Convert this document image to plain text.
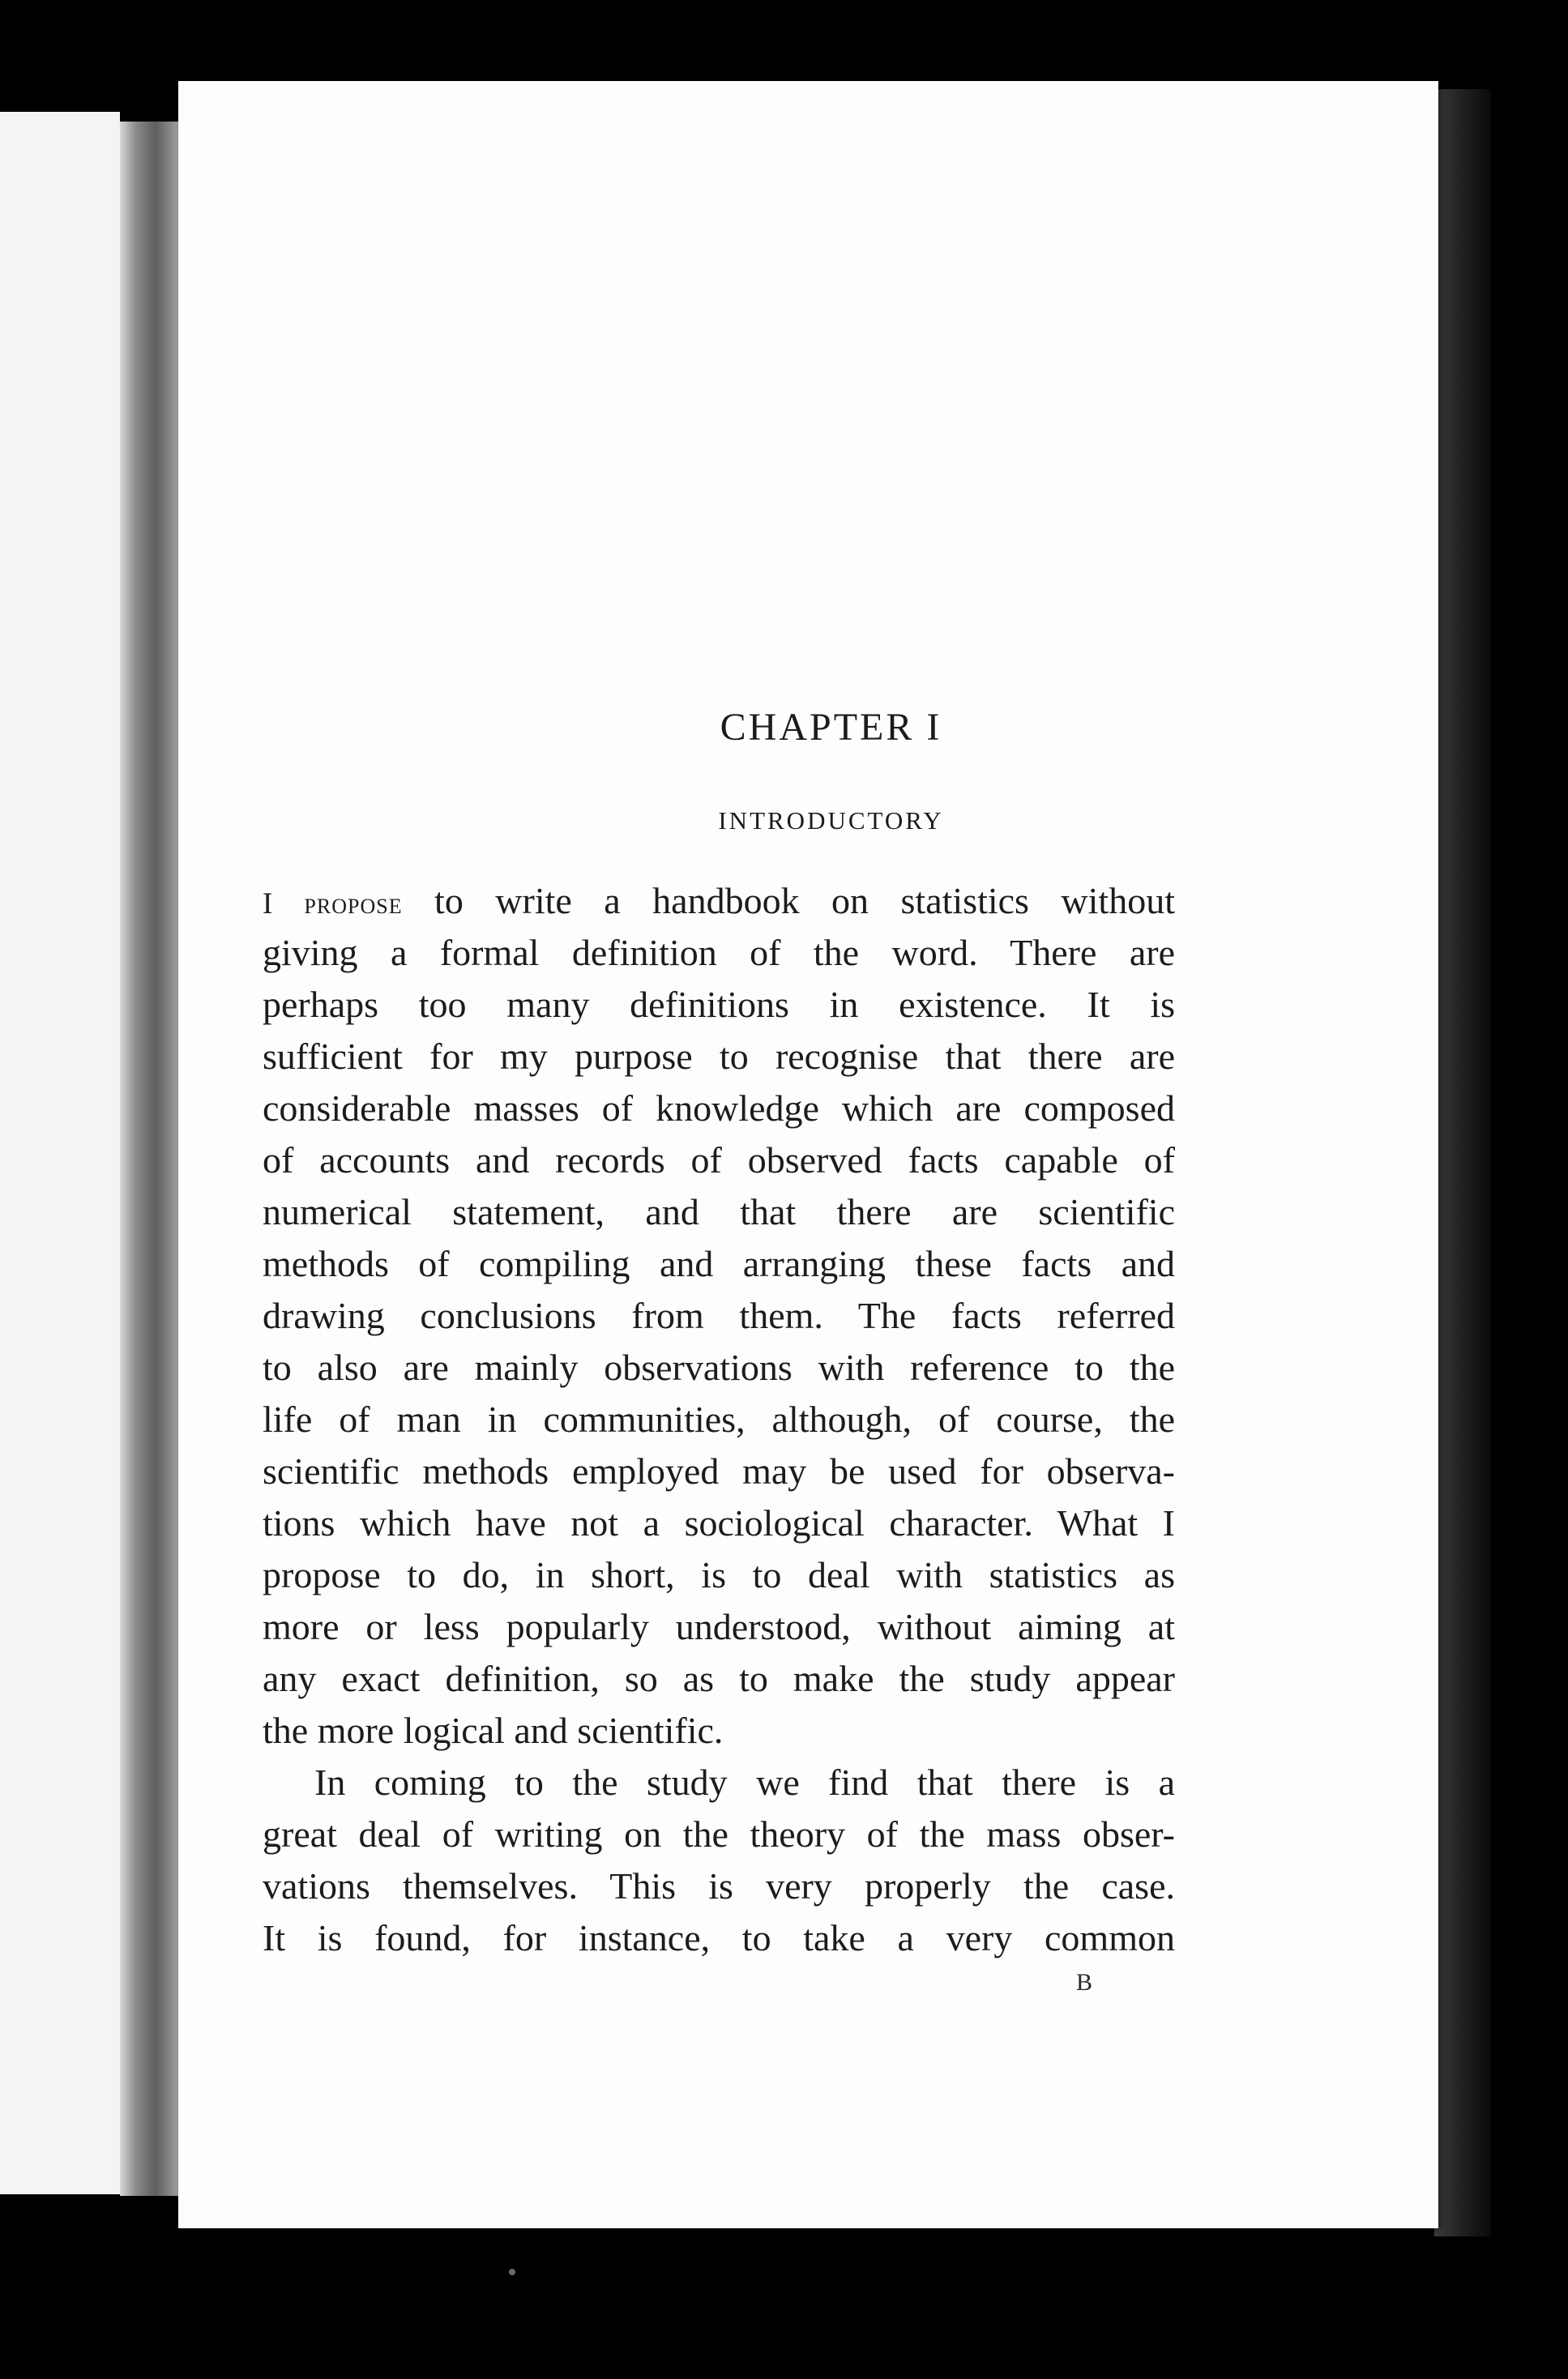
CHAPTER I
INTRODUCTORY
I propose to write a handbook on statistics without
giving a formal definition of the word. There are
perhaps too many definitions in existence. It is
sufficient for my purpose to recognise that there are
considerable masses of knowledge which are composed
of accounts and records of observed facts capable of
numerical statement, and that there are scientific
methods of compiling and arranging these facts and
drawing conclusions from them. The facts referred
to also are mainly observations with reference to the
life of man in communities, although, of course, the
scientific methods employed may be used for observa-
tions which have not a sociological character. What I
propose to do, in short, is to deal with statistics as
more or less popularly understood, without aiming at
any exact definition, so as to make the study appear
the more logical and scientific.
In coming to the study we find that there is a
great deal of writing on the theory of the mass obser-
vations themselves. This is very properly the case.
It is found, for instance, to take a very common
B
